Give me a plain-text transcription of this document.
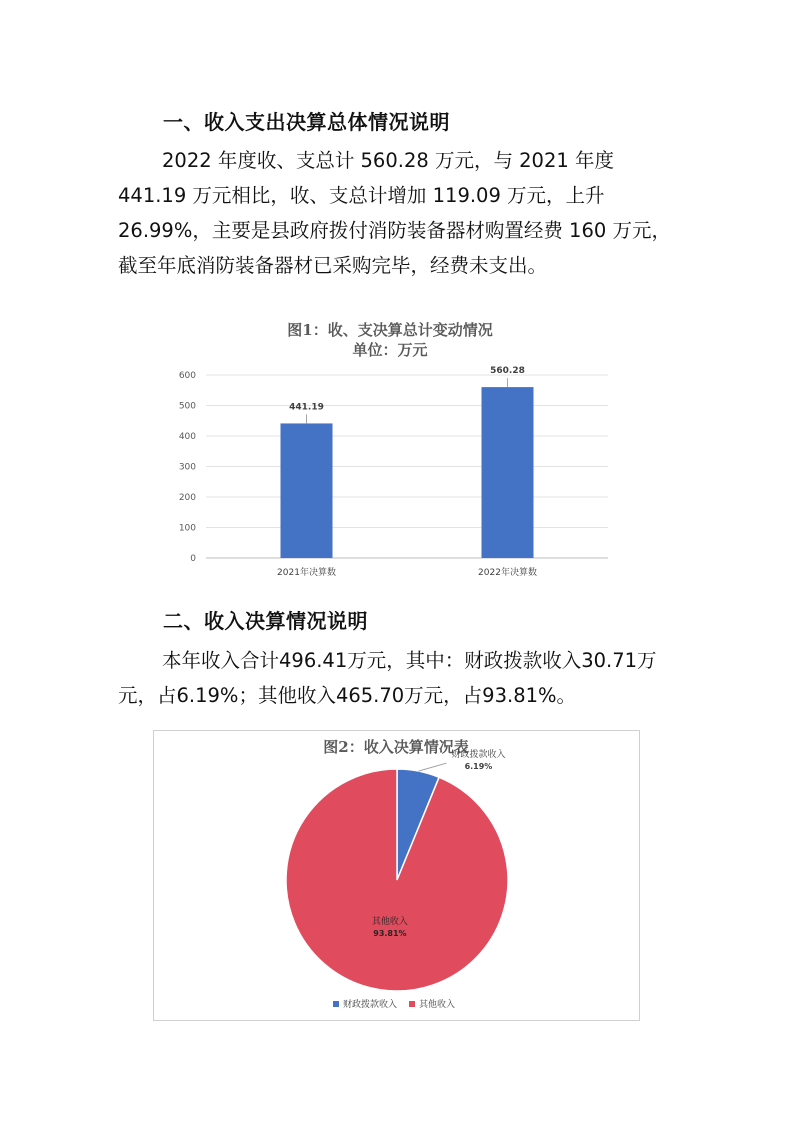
一、收入支出决算总体情况说明

2022 年度收、支总计 560.28 万元，与 2021 年度 441.19 万元相比，收、支总计增加 119.09 万元，上升 26.99%，主要是县政府拨付消防装备器材购置经费 160 万元，截至年底消防装备器材已采购完毕，经费未支出。

图1：收、支决算总计变动情况
单位：万元
0
100
200
300
400
500
600
441.19
560.28
2021年决算数	2022年决算数
二、收入决算情况说明

本年收入合计496.41万元，其中：财政拨款收入30.71万元，占6.19%；其他收入465.70万元，占93.81%。

图2：收入决算情况表
财政拨款收入
6.19%
其他收入
93.81%
财政拨款收入 其他收入
